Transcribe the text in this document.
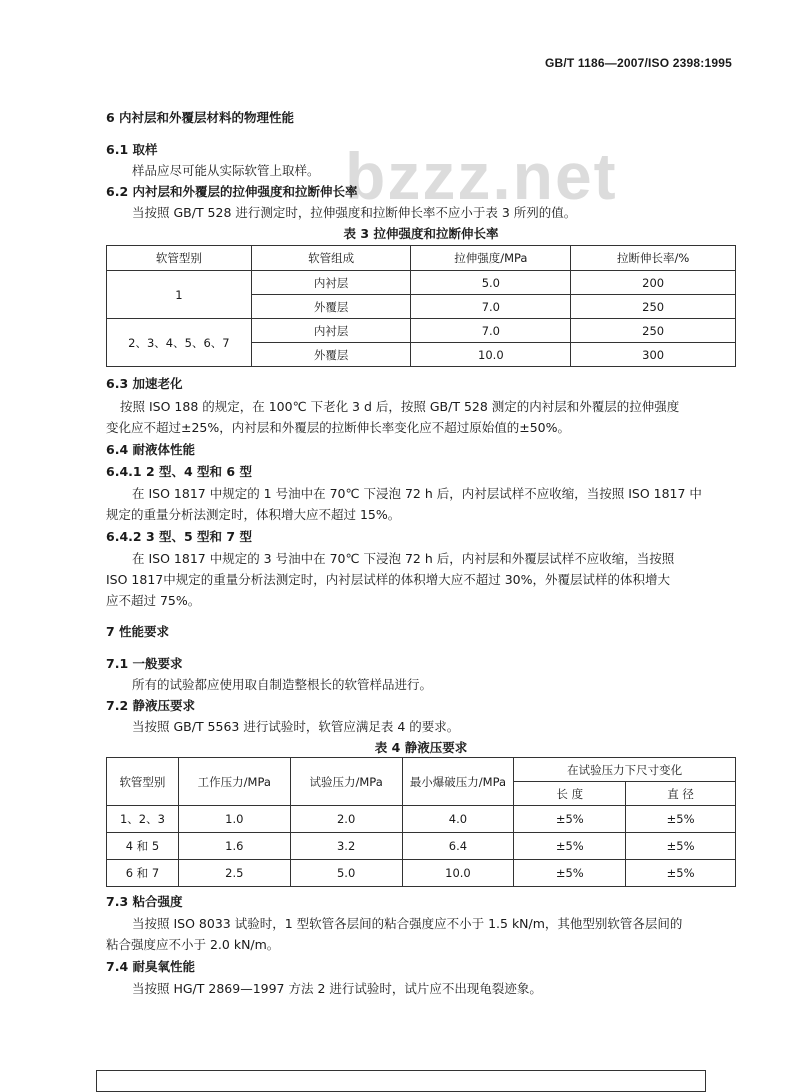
GB/T 1186—2007/ISO 2398:1995
bzzz.net
6 内衬层和外覆层材料的物理性能
6.1 取样
样品应尽可能从实际软管上取样。
6.2 内衬层和外覆层的拉伸强度和拉断伸长率
当按照 GB/T 528 进行测定时，拉伸强度和拉断伸长率不应小于表 3 所列的值。
表 3 拉伸强度和拉断伸长率
软管型别	软管组成	拉伸强度/MPa	拉断伸长率/%
1	内衬层	5.0	200
	外覆层	7.0	250
2、3、4、5、6、7	内衬层	7.0	250
	外覆层	10.0	300
6.3 加速老化
按照 ISO 188 的规定，在 100℃ 下老化 3 d 后，按照 GB/T 528 测定的内衬层和外覆层的拉伸强度
变化应不超过±25%，内衬层和外覆层的拉断伸长率变化应不超过原始值的±50%。
6.4 耐液体性能
6.4.1 2 型、4 型和 6 型
在 ISO 1817 中规定的 1 号油中在 70℃ 下浸泡 72 h 后，内衬层试样不应收缩，当按照 ISO 1817 中
规定的重量分析法测定时，体积增大应不超过 15%。
6.4.2 3 型、5 型和 7 型
在 ISO 1817 中规定的 3 号油中在 70℃ 下浸泡 72 h 后，内衬层和外覆层试样不应收缩，当按照
ISO 1817中规定的重量分析法测定时，内衬层试样的体积增大应不超过 30%，外覆层试样的体积增大
应不超过 75%。
7 性能要求
7.1 一般要求
所有的试验都应使用取自制造整根长的软管样品进行。
7.2 静液压要求
当按照 GB/T 5563 进行试验时，软管应满足表 4 的要求。
表 4 静液压要求
软管型别	工作压力/MPa	试验压力/MPa	最小爆破压力/MPa	在试验压力下尺寸变化	
				长 度	直 径
1、2、3	1.0	2.0	4.0	±5%	±5%
4 和 5	1.6	3.2	6.4	±5%	±5%
6 和 7	2.5	5.0	10.0	±5%	±5%
7.3 粘合强度
当按照 ISO 8033 试验时，1 型软管各层间的粘合强度应不小于 1.5 kN/m，其他型别软管各层间的
粘合强度应不小于 2.0 kN/m。
7.4 耐臭氧性能
当按照 HG/T 2869—1997 方法 2 进行试验时，试片应不出现龟裂迹象。
